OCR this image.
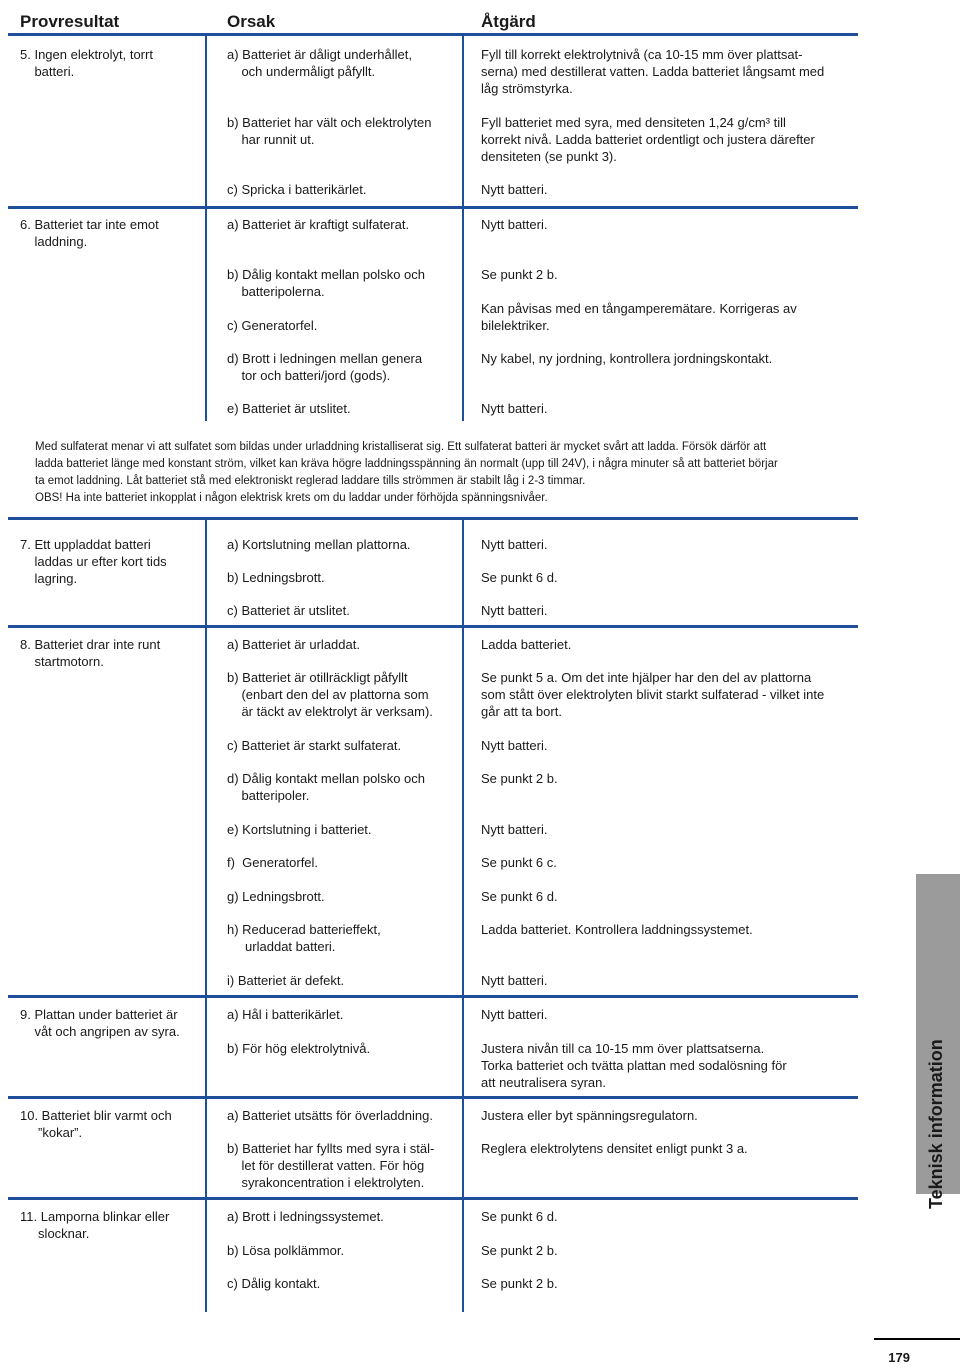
Provresultat	Orsak	Åtgärd
5. Ingen elektrolyt, torrt
batteri.
a) Batteriet är dåligt underhållet,
och undermåligt påfyllt.
b) Batteriet har vält och elektrolyten
har runnit ut.
c) Spricka i batterikärlet.
Fyll till korrekt elektrolytnivå (ca 10-15 mm över plattsat-
serna) med destillerat vatten. Ladda batteriet långsamt med
låg strömstyrka.
Fyll batteriet med syra, med densiteten 1,24 g/cm³ till
korrekt nivå. Ladda batteriet ordentligt och justera därefter
densiteten (se punkt 3).
Nytt batteri.
6. Batteriet tar inte emot
laddning.
a) Batteriet är kraftigt sulfaterat.
b) Dålig kontakt mellan polsko och
batteripolerna.
c) Generatorfel.
d) Brott i ledningen mellan genera
tor och batteri/jord (gods).
e) Batteriet är utslitet.
Nytt batteri.
Se punkt 2 b.
Kan påvisas med en tångamperemätare. Korrigeras av
bilelektriker.
Ny kabel, ny jordning, kontrollera jordningskontakt.
Nytt batteri.
Med sulfaterat menar vi att sulfatet som bildas under urladdning kristalliserat sig. Ett sulfaterat batteri är mycket svårt att ladda. Försök därför att
ladda batteriet länge med konstant ström, vilket kan kräva högre laddningsspänning än normalt (upp till 24V), i några minuter så att batteriet börjar
ta emot laddning. Låt batteriet stå med elektroniskt reglerad laddare tills strömmen är stabilt låg i 2-3 timmar.
OBS! Ha inte batteriet inkopplat i någon elektrisk krets om du laddar under förhöjda spänningsnivåer.
7. Ett uppladdat batteri
laddas ur efter kort tids
lagring.
a) Kortslutning mellan plattorna.
b) Ledningsbrott.
c) Batteriet är utslitet.
Nytt batteri.
Se punkt 6 d.
Nytt batteri.
8. Batteriet drar inte runt
startmotorn.
a) Batteriet är urladdat.
b) Batteriet är otillräckligt påfyllt
(enbart den del av plattorna som
är täckt av elektrolyt är verksam).
c) Batteriet är starkt sulfaterat.
d) Dålig kontakt mellan polsko och
batteripoler.
e) Kortslutning i batteriet.
f)  Generatorfel.
g) Ledningsbrott.
h) Reducerad batterieffekt,
urladdat batteri.
i) Batteriet är defekt.
Ladda batteriet.
Se punkt 5 a. Om det inte hjälper har den del av plattorna
som stått över elektrolyten blivit starkt sulfaterad - vilket inte
går att ta bort.
Nytt batteri.
Se punkt 2 b.
Nytt batteri.
Se punkt 6 c.
Se punkt 6 d.
Ladda batteriet. Kontrollera laddningssystemet.
Nytt batteri.
9. Plattan under batteriet är
våt och angripen av syra.
a) Hål i batterikärlet.
b) För hög elektrolytnivå.
Nytt batteri.
Justera nivån till ca 10-15 mm över plattsatserna.
Torka batteriet och tvätta plattan med sodalösning för
att neutralisera syran.
10. Batteriet blir varmt och
”kokar”.
a) Batteriet utsätts för överladdning.
b) Batteriet har fyllts med syra i stäl-
let för destillerat vatten. För hög
syrakoncentration i elektrolyten.
Justera eller byt spänningsregulatorn.
Reglera elektrolytens densitet enligt punkt 3 a.
11. Lamporna blinkar eller
slocknar.
a) Brott i ledningssystemet.
b) Lösa polklämmor.
c) Dålig kontakt.
Se punkt 6 d.
Se punkt 2 b.
Se punkt 2 b.
Teknisk information
179
